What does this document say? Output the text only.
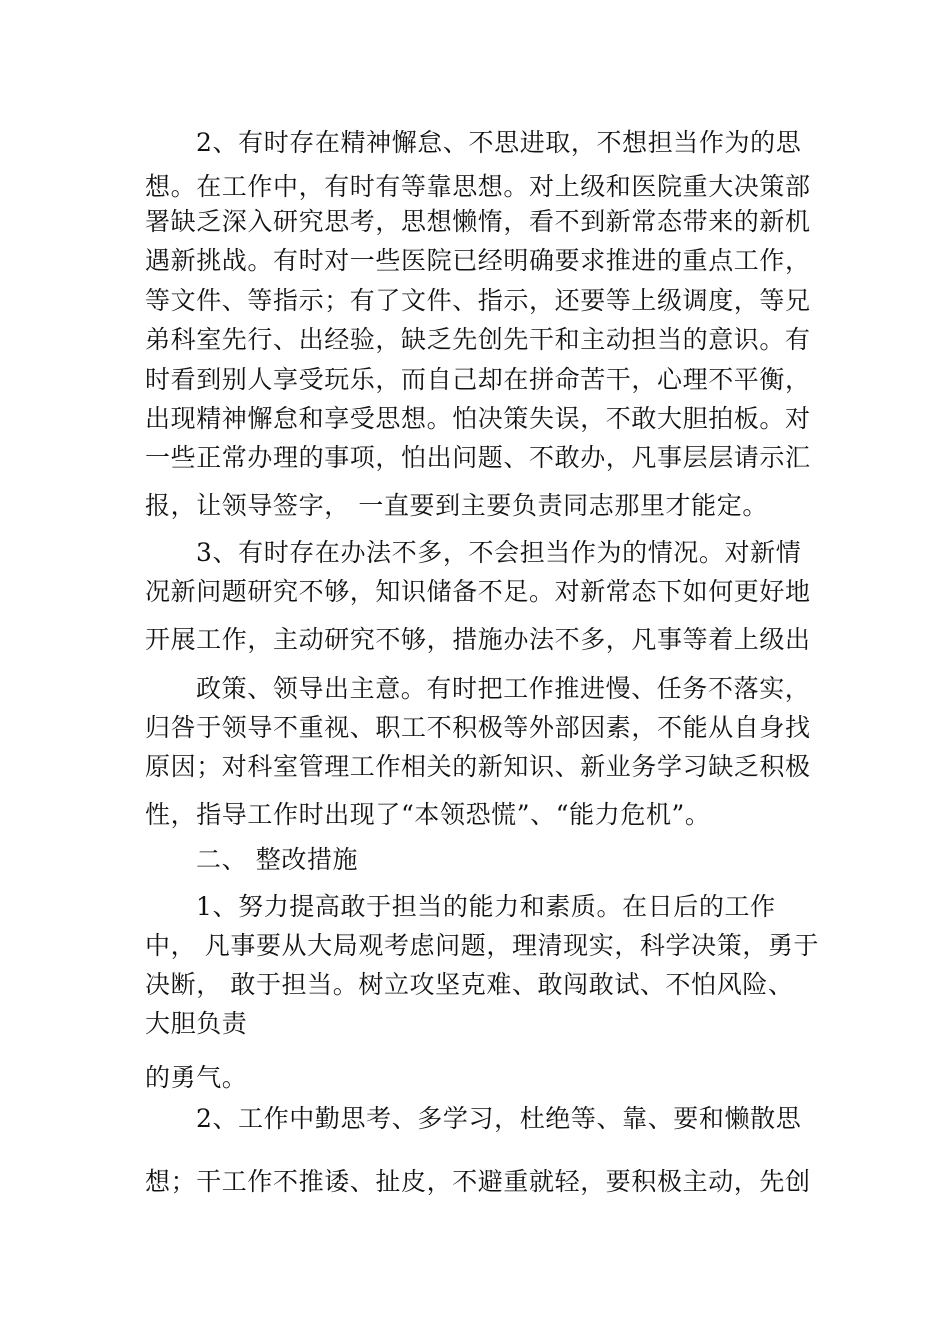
2、有时存在精神懈怠、不思进取，不想担当作为的思
想。在工作中，有时有等靠思想。对上级和医院重大决策部
署缺乏深入研究思考，思想懒惰，看不到新常态带来的新机
遇新挑战。有时对一些医院已经明确要求推进的重点工作，
等文件、等指示；有了文件、指示，还要等上级调度，等兄
弟科室先行、出经验，缺乏先创先干和主动担当的意识。有
时看到别人享受玩乐，而自己却在拼命苦干，心理不平衡，
出现精神懈怠和享受思想。怕决策失误，不敢大胆拍板。对
一些正常办理的事项，怕出问题、不敢办，凡事层层请示汇
报，让领导签字， 一直要到主要负责同志那里才能定。
3、有时存在办法不多，不会担当作为的情况。对新情
况新问题研究不够，知识储备不足。对新常态下如何更好地
开展工作，主动研究不够，措施办法不多，凡事等着上级出
政策、领导出主意。有时把工作推进慢、任务不落实，
归咎于领导不重视、职工不积极等外部因素，不能从自身找
原因；对科室管理工作相关的新知识、新业务学习缺乏积极
性，指导工作时出现了“本领恐慌”、“能力危机”。
二、 整改措施
1、努力提高敢于担当的能力和素质。在日后的工作
中， 凡事要从大局观考虑问题，理清现实，科学决策，勇于
决断， 敢于担当。树立攻坚克难、敢闯敢试、不怕风险、
大胆负责
的勇气。
2、工作中勤思考、多学习，杜绝等、靠、要和懒散思
想；干工作不推诿、扯皮，不避重就轻，要积极主动，先创
